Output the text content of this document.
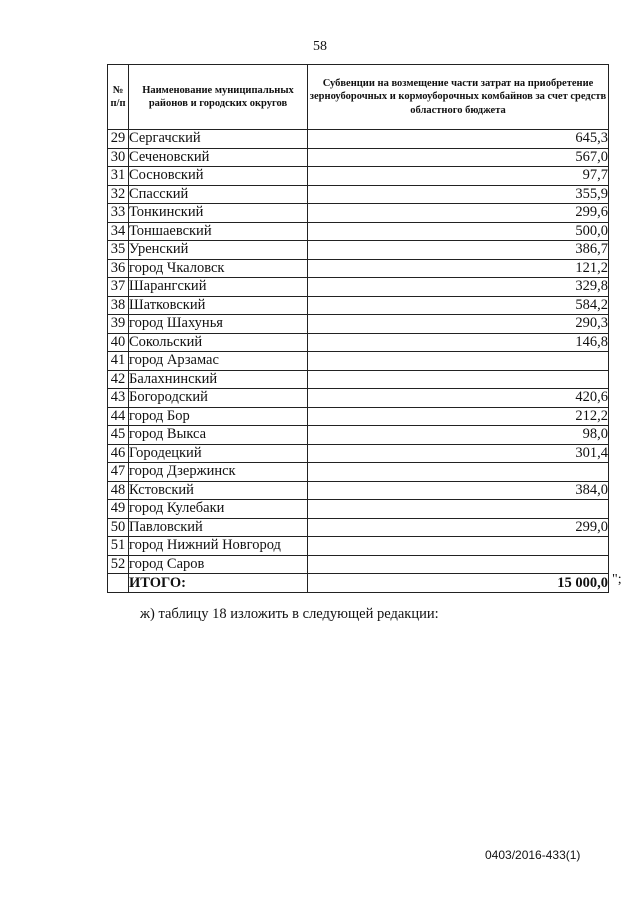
58
№ п/п	Наименование муниципальных районов и городских округов	Субвенции на возмещение части затрат на приобретение зерноуборочных и кормоуборочных комбайнов за счет средств областного бюджета
29	Сергачский	645,3
30	Сеченовский	567,0
31	Сосновский	97,7
32	Спасский	355,9
33	Тонкинский	299,6
34	Тоншаевский	500,0
35	Уренский	386,7
36	город Чкаловск	121,2
37	Шарангский	329,8
38	Шатковский	584,2
39	город Шахунья	290,3
40	Сокольский	146,8
41	город Арзамас	
42	Балахнинский	
43	Богородский	420,6
44	город Бор	212,2
45	город Выкса	98,0
46	Городецкий	301,4
47	город Дзержинск	
48	Кстовский	384,0
49	город Кулебаки	
50	Павловский	299,0
51	город Нижний Новгород	
52	город Саров	
	ИТОГО:	15 000,0 ";
ж) таблицу 18 изложить в следующей редакции:
0403/2016-433(1)
